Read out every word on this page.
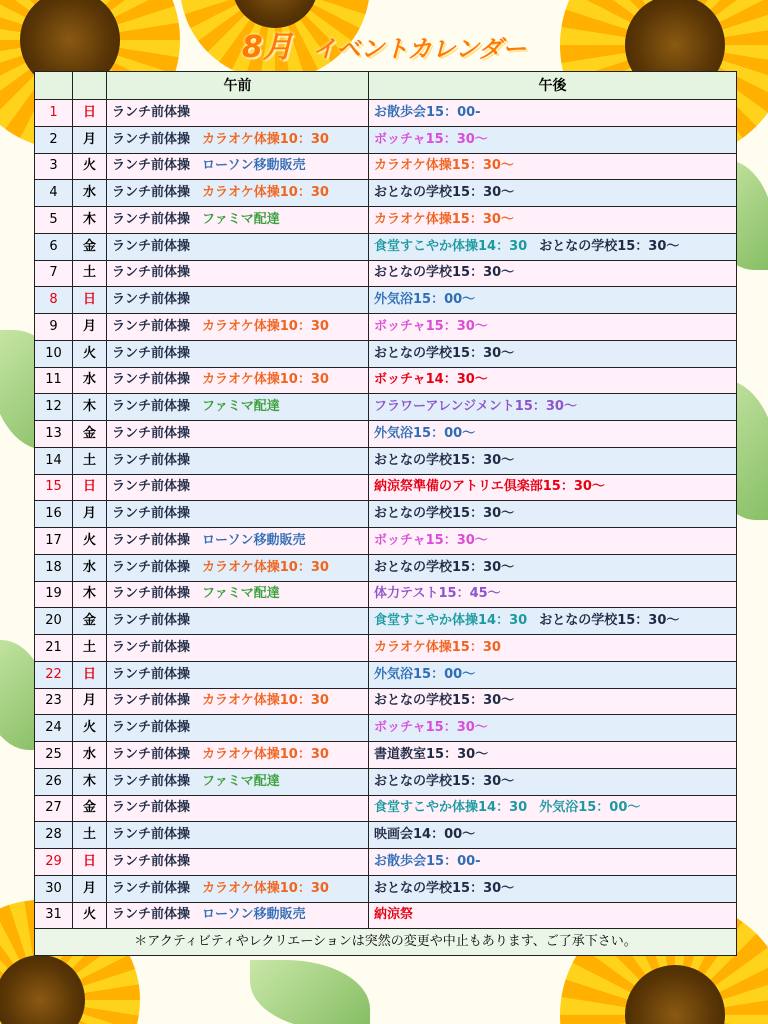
8月 イベントカレンダー
		午前	午後
1	日	ランチ前体操	お散歩会15：00-
2	月	ランチ前体操 カラオケ体操10：30	ボッチャ15：30～
3	火	ランチ前体操 ローソン移動販売	カラオケ体操15：30～
4	水	ランチ前体操 カラオケ体操10：30	おとなの学校15：30～
5	木	ランチ前体操 ファミマ配達	カラオケ体操15：30～
6	金	ランチ前体操	食堂すこやか体操14：30 おとなの学校15：30～
7	土	ランチ前体操	おとなの学校15：30～
8	日	ランチ前体操	外気浴15：00～
9	月	ランチ前体操 カラオケ体操10：30	ボッチャ15：30～
10	火	ランチ前体操	おとなの学校15：30～
11	水	ランチ前体操 カラオケ体操10：30	ボッチャ14：30～
12	木	ランチ前体操 ファミマ配達	フラワーアレンジメント15：30～
13	金	ランチ前体操	外気浴15：00～
14	土	ランチ前体操	おとなの学校15：30～
15	日	ランチ前体操	納涼祭準備のアトリエ倶楽部15：30～
16	月	ランチ前体操	おとなの学校15：30～
17	火	ランチ前体操 ローソン移動販売	ボッチャ15：30～
18	水	ランチ前体操 カラオケ体操10：30	おとなの学校15：30～
19	木	ランチ前体操 ファミマ配達	体力テスト15：45～
20	金	ランチ前体操	食堂すこやか体操14：30 おとなの学校15：30～
21	土	ランチ前体操	カラオケ体操15：30
22	日	ランチ前体操	外気浴15：00～
23	月	ランチ前体操 カラオケ体操10：30	おとなの学校15：30～
24	火	ランチ前体操	ボッチャ15：30～
25	水	ランチ前体操 カラオケ体操10：30	書道教室15：30～
26	木	ランチ前体操 ファミマ配達	おとなの学校15：30～
27	金	ランチ前体操	食堂すこやか体操14：30 外気浴15：00～
28	土	ランチ前体操	映画会14：00～
29	日	ランチ前体操	お散歩会15：00-
30	月	ランチ前体操 カラオケ体操10：30	おとなの学校15：30～
31	火	ランチ前体操 ローソン移動販売	納涼祭
＊アクティビティやレクリエーションは突然の変更や中止もあります、ご了承下さい。			
